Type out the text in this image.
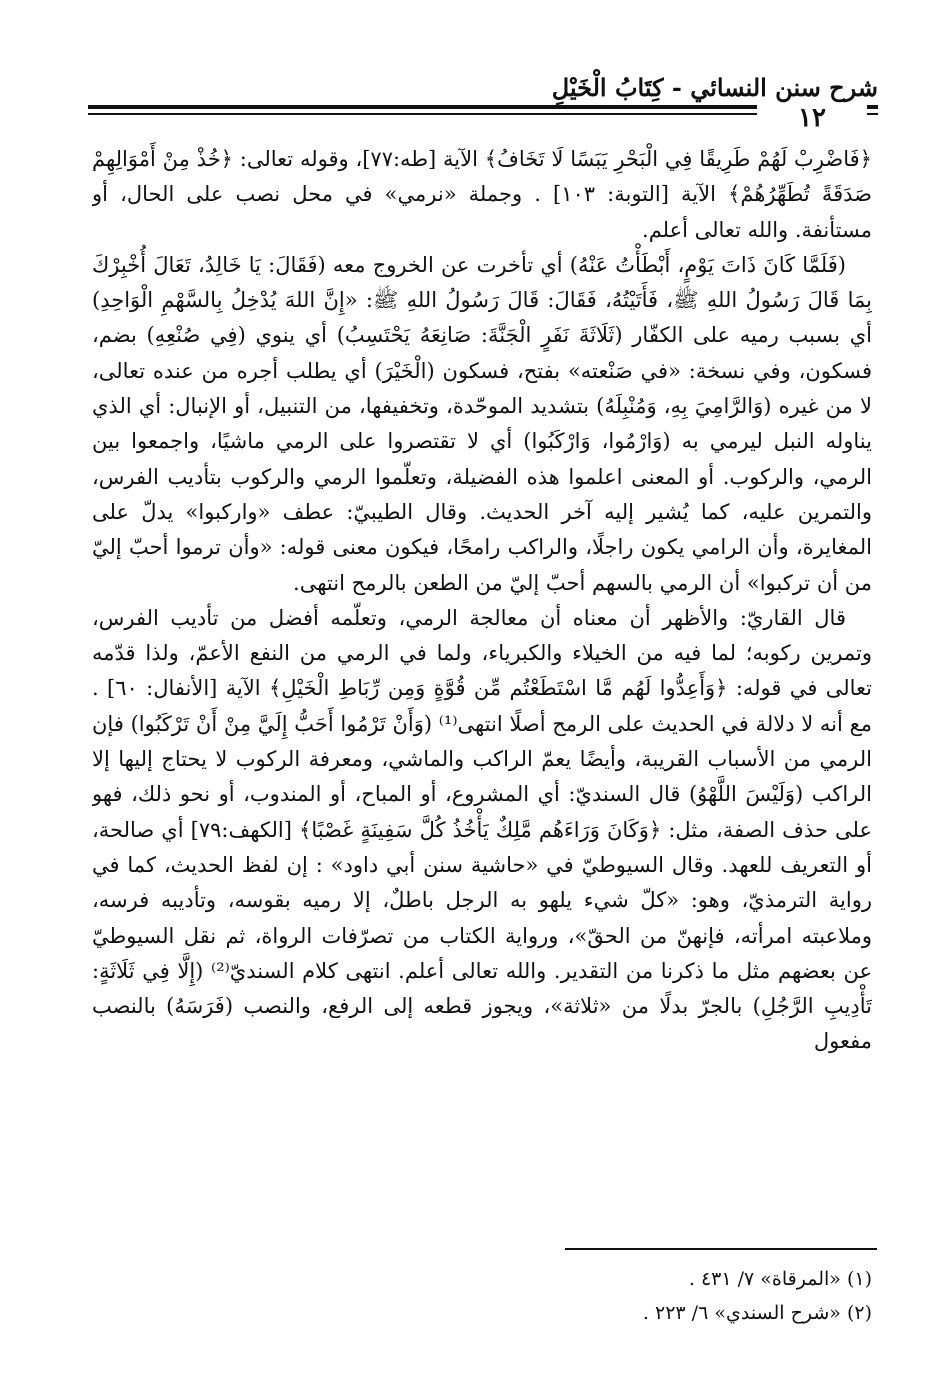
شرح سنن النسائي - كِتَابُ الْخَيْلِ
١٢

﴿فَاضْرِبْ لَهُمْ طَرِيقًا فِي الْبَحْرِ يَبَسًا لَا تَخَافُ﴾ الآية [طه:٧٧]، وقوله تعالى: ﴿خُذْ مِنْ أَمْوَالِهِمْ صَدَقَةً تُطَهِّرُهُمْ﴾ الآية [التوبة: ١٠٣] . وجملة «نرمي» في محل نصب على الحال، أو مستأنفة. والله تعالى أعلم.

(فَلَمَّا كَانَ ذَاتَ يَوْمٍ، أَبْطَأْتُ عَنْهُ) أي تأخرت عن الخروج معه (فَقَالَ: يَا خَالِدُ، تَعَالَ أُخْبِرْكَ بِمَا قَالَ رَسُولُ اللهِ ﷺ، فَأَتَيْتُهُ، فَقَالَ: قَالَ رَسُولُ اللهِ ﷺ: «إِنَّ اللهَ يُدْخِلُ بِالسَّهْمِ الْوَاحِدِ) أي بسبب رميه على الكفّار (ثَلَاثَةَ نَفَرٍ الْجَنَّةَ: صَانِعَهُ يَحْتَسِبُ) أي ينوي (فِي صُنْعِهِ) بضم، فسكون، وفي نسخة: «في صَنْعته» بفتح، فسكون (الْخَيْرَ) أي يطلب أجره من عنده تعالى، لا من غيره (وَالرَّامِيَ بِهِ، وَمُنْبِلَهُ) بتشديد الموحّدة، وتخفيفها، من التنبيل، أو الإنبال: أي الذي يناوله النبل ليرمي به (وَارْمُوا، وَارْكَبُوا) أي لا تقتصروا على الرمي ماشيًا، واجمعوا بين الرمي، والركوب. أو المعنى اعلموا هذه الفضيلة، وتعلّموا الرمي والركوب بتأديب الفرس، والتمرين عليه، كما يُشير إليه آخر الحديث. وقال الطيبيّ: عطف «واركبوا» يدلّ على المغايرة، وأن الرامي يكون راجلًا، والراكب رامحًا، فيكون معنى قوله: «وأن ترموا أحبّ إليّ من أن تركبوا» أن الرمي بالسهم أحبّ إليّ من الطعن بالرمح انتهى.

قال القاريّ: والأظهر أن معناه أن معالجة الرمي، وتعلّمه أفضل من تأديب الفرس، وتمرين ركوبه؛ لما فيه من الخيلاء والكبرياء، ولما في الرمي من النفع الأعمّ، ولذا قدّمه تعالى في قوله: ﴿وَأَعِدُّوا لَهُم مَّا اسْتَطَعْتُم مِّن قُوَّةٍ وَمِن رِّبَاطِ الْخَيْلِ﴾ الآية [الأنفال: ٦٠] . مع أنه لا دلالة في الحديث على الرمح أصلًا انتهى⁽¹⁾ (وَأَنْ تَرْمُوا أَحَبُّ إِلَيَّ مِنْ أَنْ تَرْكَبُوا) فإن الرمي من الأسباب القريبة، وأيضًا يعمّ الراكب والماشي، ومعرفة الركوب لا يحتاج إليها إلا الراكب (وَلَيْسَ اللَّهْوُ) قال السنديّ: أي المشروع، أو المباح، أو المندوب، أو نحو ذلك، فهو على حذف الصفة، مثل: ﴿وَكَانَ وَرَاءَهُم مَّلِكٌ يَأْخُذُ كُلَّ سَفِينَةٍ غَصْبًا﴾ [الكهف:٧٩] أي صالحة، أو التعريف للعهد. وقال السيوطيّ في «حاشية سنن أبي داود» : إن لفظ الحديث، كما في رواية الترمذيّ، وهو: «كلّ شيء يلهو به الرجل باطلٌ، إلا رميه بقوسه، وتأديبه فرسه، وملاعبته امرأته، فإنهنّ من الحقّ»، ورواية الكتاب من تصرّفات الرواة، ثم نقل السيوطيّ عن بعضهم مثل ما ذكرنا من التقدير. والله تعالى أعلم. انتهى كلام السنديّ⁽²⁾ (إِلَّا فِي ثَلَاثَةٍ: تَأْدِيبِ الرَّجُلِ) بالجرّ بدلًا من «ثلاثة»، ويجوز قطعه إلى الرفع، والنصب (فَرَسَهُ) بالنصب مفعول

(١) «المرقاة» ٧/ ٤٣١ .
(٢) «شرح السندي» ٦/ ٢٢٣ .
